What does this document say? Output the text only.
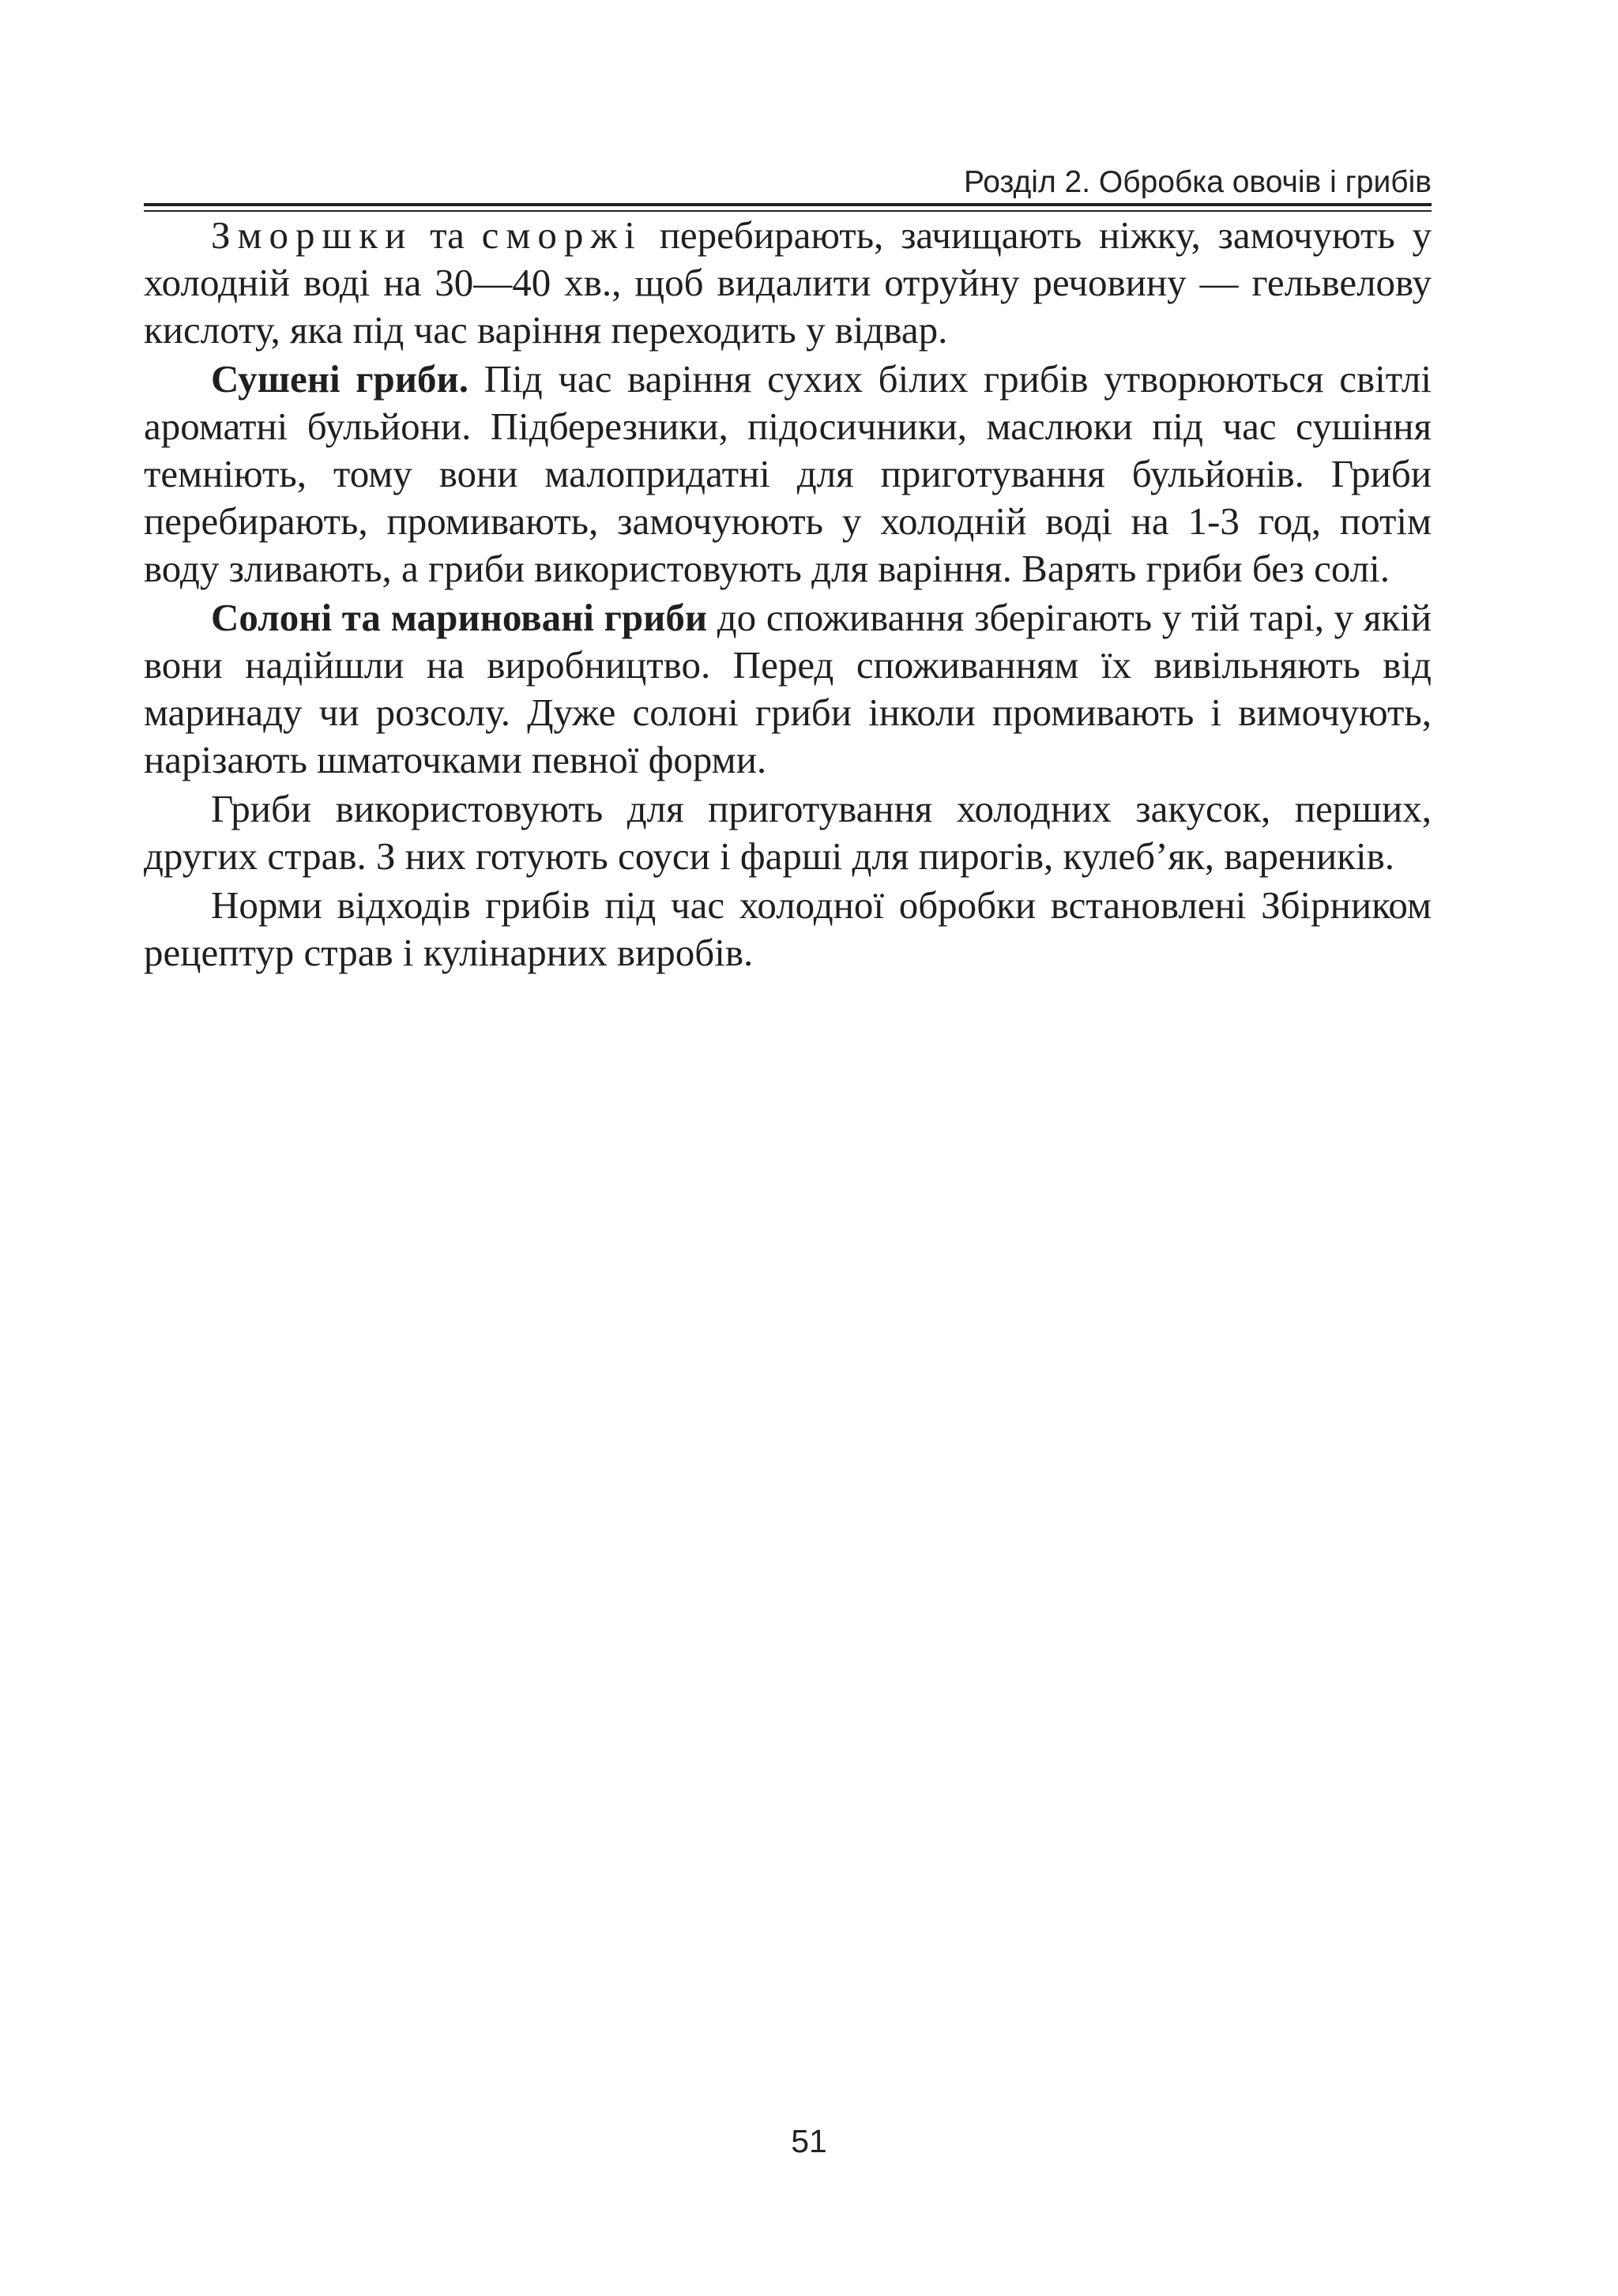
Розділ 2. Обробка овочів і грибів

Зморшки та сморжі перебирають, зачищають ніжку, замочують у холодній воді на 30—40 хв., щоб видалити отруйну речовину — гельвелову кислоту, яка під час варіння переходить у відвар.

Сушені гриби. Під час варіння сухих білих грибів утворюються світлі ароматні бульйони. Підберезники, підосичники, маслюки під час сушіння темніють, тому вони малопридатні для приготування бульйонів. Гриби перебирають, промивають, замочуюють у холодній воді на 1-3 год, потім воду зливають, а гриби використовують для варіння. Варять гриби без солі.

Солоні та мариновані гриби до споживання зберігають у тій тарі, у якій вони надійшли на виробництво. Перед споживанням їх вивільняють від маринаду чи розсолу. Дуже солоні гриби інколи промивають і вимочують, нарізають шматочками певної форми.

Гриби використовують для приготування холодних закусок, перших, других страв. З них готують соуси і фарші для пирогів, кулеб’як, вареників.

Норми відходів грибів під час холодної обробки встановлені Збірником рецептур страв і кулінарних виробів.

51
